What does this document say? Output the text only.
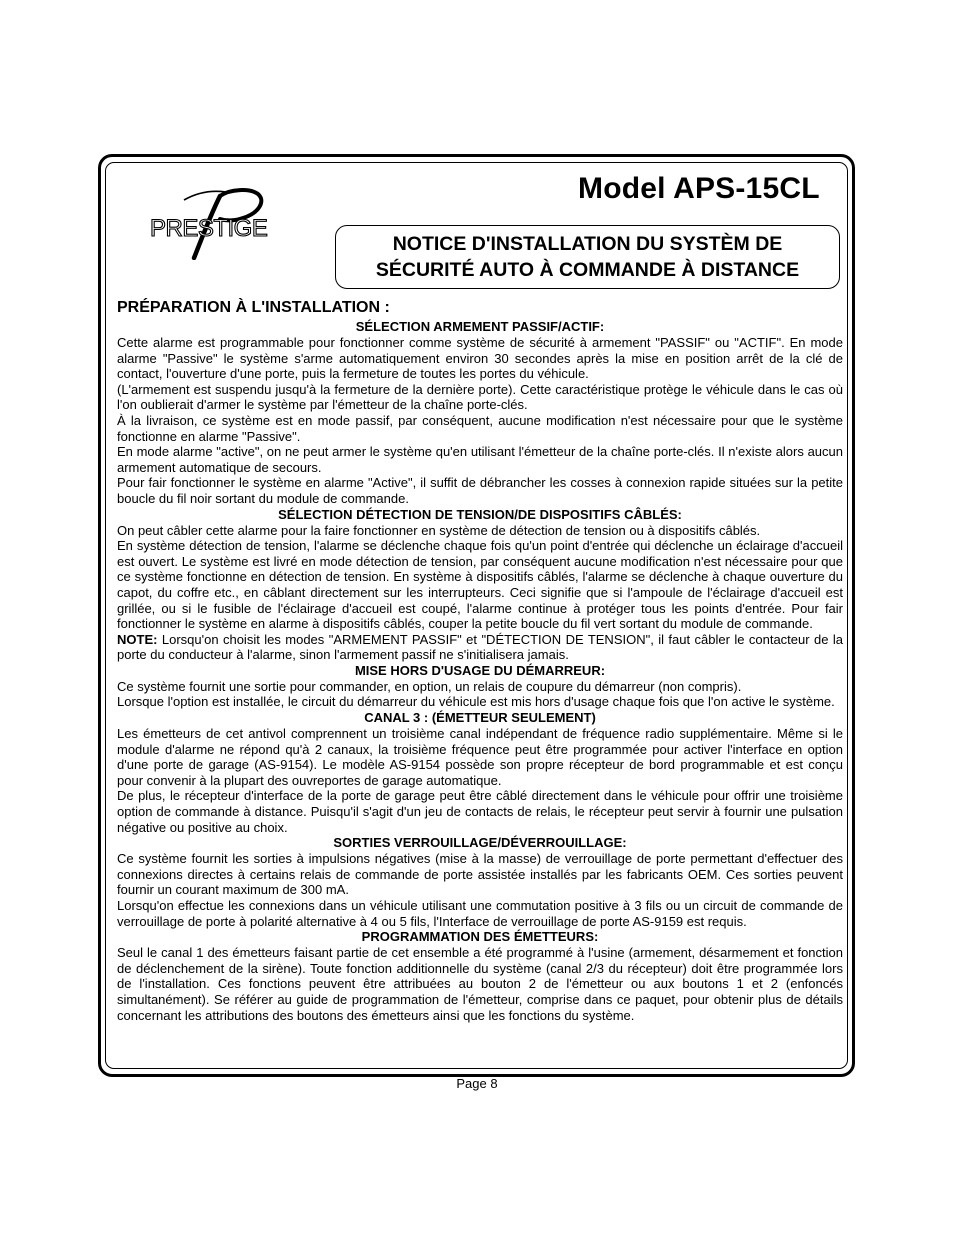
PRESTIGE
Model APS-15CL
NOTICE D'INSTALLATION DU SYSTÈM DE
SÉCURITÉ AUTO À COMMANDE À DISTANCE
PRÉPARATION À L'INSTALLATION :
SÉLECTION ARMEMENT PASSIF/ACTIF:

Cette alarme est programmable pour fonctionner comme système de sécurité à armement "PASSIF" ou "ACTIF". En mode alarme "Passive" le système s'arme automatiquement environ 30 secondes après la mise en position arrêt de la clé de contact, l'ouverture d'une porte, puis la fermeture de toutes les portes du véhicule.

(L'armement est suspendu jusqu'à la fermeture de la dernière porte). Cette caractéristique protège le véhicule dans le cas où l'on oublierait d'armer le système par l'émetteur de la chaîne porte-clés.

À la livraison, ce système est en mode passif, par conséquent, aucune modification n'est nécessaire pour que le système fonctionne en alarme "Passive".

En mode alarme "active", on ne peut armer le système qu'en utilisant l'émetteur de la chaîne porte-clés. Il n'existe alors aucun armement automatique de secours.

Pour fair fonctionner le système en alarme "Active", il suffit de débrancher les cosses à connexion rapide situées sur la petite boucle du fil noir sortant du module de commande.

SÉLECTION DÉTECTION DE TENSION/DE DISPOSITIFS CÂBLÉS:

On peut câbler cette alarme pour la faire fonctionner en système de détection de tension ou à dispositifs câblés.

En système détection de tension, l'alarme se déclenche chaque fois qu'un point d'entrée qui déclenche un éclairage d'accueil est ouvert. Le système est livré en mode détection de tension, par conséquent aucune modification n'est nécessaire pour que ce système fonctionne en détection de tension. En système à dispositifs câblés, l'alarme se déclenche à chaque ouverture du capot, du coffre etc., en câblant directement sur les interrupteurs. Ceci signifie que si l'ampoule de l'éclairage d'accueil est grillée, ou si le fusible de l'éclairage d'accueil est coupé, l'alarme continue à protéger tous les points d'entrée. Pour fair fonctionner le système en alarme à dispositifs câblés, couper la petite boucle du fil vert sortant du module de commande.

NOTE: Lorsqu'on choisit les modes "ARMEMENT PASSIF" et "DÉTECTION DE TENSION", il faut câbler le contacteur de la porte du conducteur à l'alarme, sinon l'armement passif ne s'initialisera jamais.

MISE HORS D'USAGE DU DÉMARREUR:

Ce système fournit une sortie pour commander, en option, un relais de coupure du démarreur (non compris).

Lorsque l'option est installée, le circuit du démarreur du véhicule est mis hors d'usage chaque fois que l'on active le système.

CANAL 3 : (ÉMETTEUR SEULEMENT)

Les émetteurs de cet antivol comprennent un troisième canal indépendant de fréquence radio supplémentaire. Même si le module d'alarme ne répond qu'à 2 canaux, la troisième fréquence peut être programmée pour activer l'interface en option d'une porte de garage (AS-9154). Le modèle AS-9154 possède son propre récepteur de bord programmable et est conçu pour convenir à la plupart des ouvreportes de garage automatique.

De plus, le récepteur d'interface de la porte de garage peut être câblé directement dans le véhicule pour offrir une troisième option de commande à distance. Puisqu'il s'agit d'un jeu de contacts de relais, le récepteur peut servir à fournir une pulsation négative ou positive au choix.

SORTIES VERROUILLAGE/DÉVERROUILLAGE:

Ce système fournit les sorties à impulsions négatives (mise à la masse) de verrouillage de porte permettant d'effectuer des connexions directes à certains relais de commande de porte assistée installés par les fabricants OEM. Ces sorties peuvent fournir un courant maximum de 300 mA.

Lorsqu'on effectue les connexions dans un véhicule utilisant une commutation positive à 3 fils ou un circuit de commande de verrouillage de porte à polarité alternative à 4 ou 5 fils, l'Interface de verrouillage de porte AS-9159 est requis.

PROGRAMMATION DES ÉMETTEURS:

Seul le canal 1 des émetteurs faisant partie de cet ensemble a été programmé à l'usine (armement, désarmement et fonction de déclenchement de la sirène). Toute fonction additionnelle du système (canal 2/3 du récepteur) doit être programmée lors de l'installation. Ces fonctions peuvent être attribuées au bouton 2 de l'émetteur ou aux boutons 1 et 2 (enfoncés simultanément). Se référer au guide de programmation de l'émetteur, comprise dans ce paquet, pour obtenir plus de détails concernant les attributions des boutons des émetteurs ainsi que les fonctions du système.

Page 8
